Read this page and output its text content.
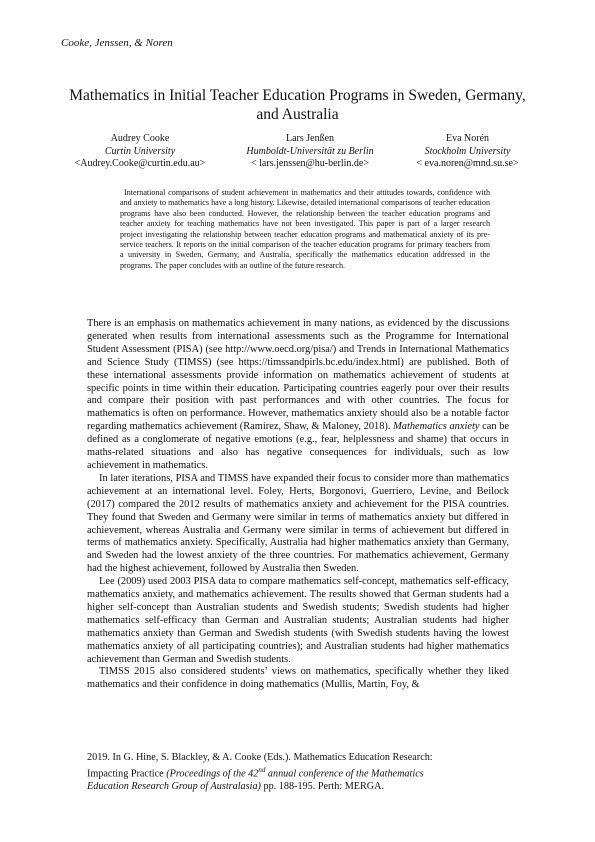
Cooke, Jenssen, & Noren
Mathematics in Initial Teacher Education Programs in Sweden, Germany, and Australia
Audrey Cooke
Curtin University
<Audrey.Cooke@curtin.edu.au>
Lars Jenßen
Humboldt-Universität zu Berlin
< lars.jenssen@hu-berlin.de>
Eva Norén
Stockholm University
< eva.noren@mnd.su.se>
International comparisons of student achievement in mathematics and their attitudes towards, confidence with and anxiety to mathematics have a long history. Likewise, detailed international comparisons of teacher education programs have also been conducted. However, the relationship between the teacher education programs and teacher anxiety for teaching mathematics have not been investigated. This paper is part of a larger research project investigating the relationship between teacher education programs and mathematical anxiety of its pre-service teachers. It reports on the initial comparison of the teacher education programs for primary teachers from a university in Sweden, Germany, and Australia, specifically the mathematics education addressed in the programs. The paper concludes with an outline of the future research.

There is an emphasis on mathematics achievement in many nations, as evidenced by the discussions generated when results from international assessments such as the Programme for International Student Assessment (PISA) (see http://www.oecd.org/pisa/) and Trends in International Mathematics and Science Study (TIMSS) (see https://timssandpirls.bc.edu/index.html) are published. Both of these international assessments provide information on mathematics achievement of students at specific points in time within their education. Participating countries eagerly pour over their results and compare their position with past performances and with other countries. The focus for mathematics is often on performance. However, mathematics anxiety should also be a notable factor regarding mathematics achievement (Ramirez, Shaw, & Maloney, 2018). Mathematics anxiety can be defined as a conglomerate of negative emotions (e.g., fear, helplessness and shame) that occurs in maths-related situations and also has negative consequences for individuals, such as low achievement in mathematics.

In later iterations, PISA and TIMSS have expanded their focus to consider more than mathematics achievement at an international level. Foley, Herts, Borgonovi, Guerriero, Levine, and Beilock (2017) compared the 2012 results of mathematics anxiety and achievement for the PISA countries. They found that Sweden and Germany were similar in terms of mathematics anxiety but differed in achievement, whereas Australia and Germany were similar in terms of achievement but differed in terms of mathematics anxiety. Specifically, Australia had higher mathematics anxiety than Germany, and Sweden had the lowest anxiety of the three countries. For mathematics achievement, Germany had the highest achievement, followed by Australia then Sweden.

Lee (2009) used 2003 PISA data to compare mathematics self-concept, mathematics self-efficacy, mathematics anxiety, and mathematics achievement. The results showed that German students had a higher self-concept than Australian students and Swedish students; Swedish students had higher mathematics self-efficacy than German and Australian students; Australian students had higher mathematics anxiety than German and Swedish students (with Swedish students having the lowest mathematics anxiety of all participating countries); and Australian students had higher mathematics achievement than German and Swedish students.

TIMSS 2015 also considered students’ views on mathematics, specifically whether they liked mathematics and their confidence in doing mathematics (Mullis, Martin, Foy, &

2019. In G. Hine, S. Blackley, & A. Cooke (Eds.). Mathematics Education Research:
Impacting Practice (Proceedings of the 42nd annual conference of the Mathematics
Education Research Group of Australasia) pp. 188-195. Perth: MERGA.
